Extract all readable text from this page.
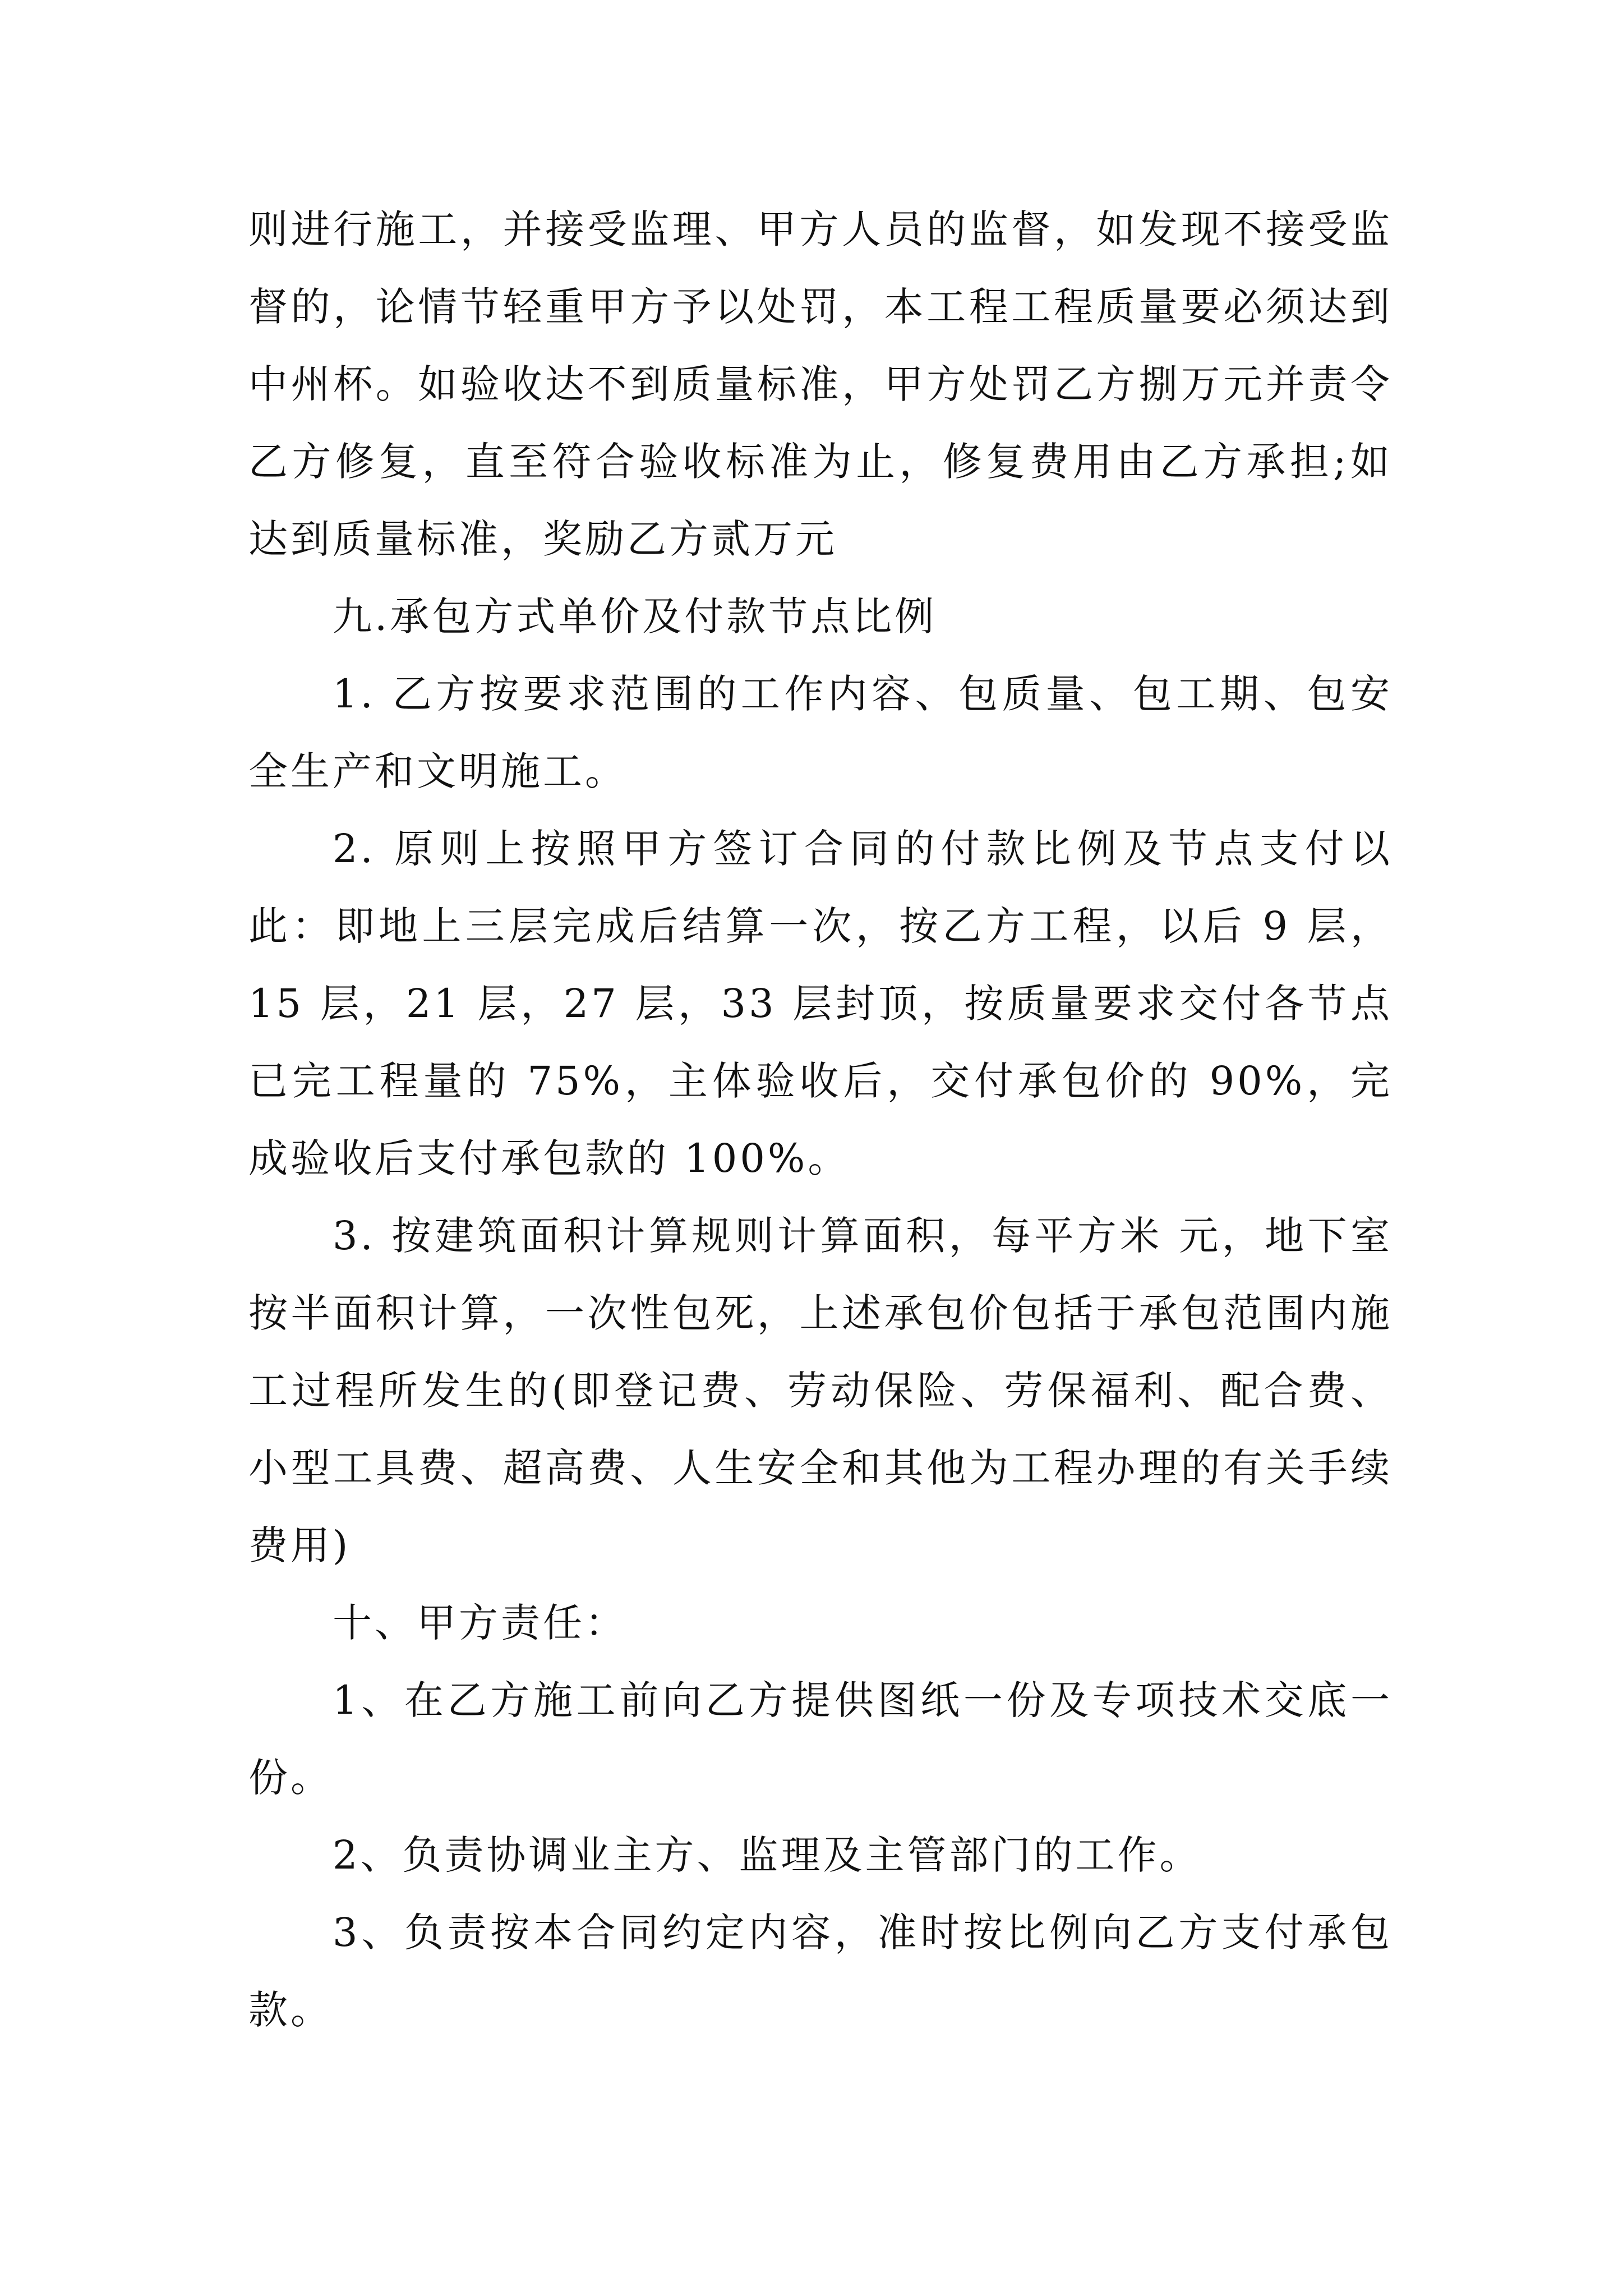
则进行施工，并接受监理、甲方人员的监督，如发现不接受监督的，论情节轻重甲方予以处罚，本工程工程质量要必须达到中州杯。如验收达不到质量标准，甲方处罚乙方捌万元并责令乙方修复，直至符合验收标准为止，修复费用由乙方承担;如达到质量标准，奖励乙方贰万元

九.承包方式单价及付款节点比例

1. 乙方按要求范围的工作内容、包质量、包工期、包安全生产和文明施工。

2. 原则上按照甲方签订合同的付款比例及节点支付以此：即地上三层完成后结算一次，按乙方工程，以后 9 层，15 层，21 层，27 层，33 层封顶，按质量要求交付各节点已完工程量的 75%，主体验收后，交付承包价的 90%，完成验收后支付承包款的 100%。

3. 按建筑面积计算规则计算面积，每平方米 元，地下室按半面积计算，一次性包死，上述承包价包括于承包范围内施工过程所发生的(即登记费、劳动保险、劳保福利、配合费、小型工具费、超高费、人生安全和其他为工程办理的有关手续费用)

十、甲方责任：

1、在乙方施工前向乙方提供图纸一份及专项技术交底一份。

2、负责协调业主方、监理及主管部门的工作。

3、负责按本合同约定内容，准时按比例向乙方支付承包款。
